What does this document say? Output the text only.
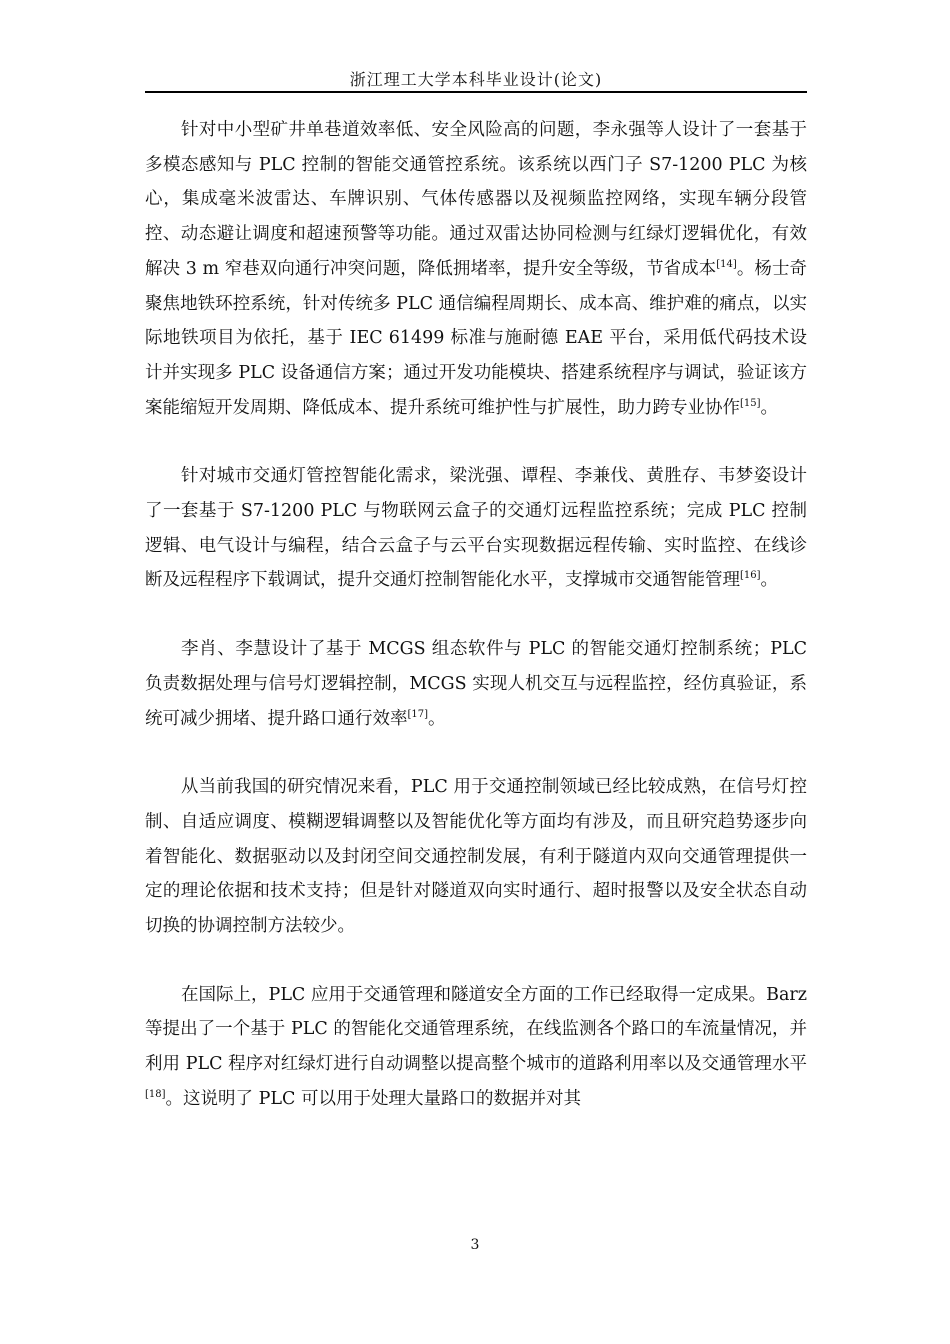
浙江理工大学本科毕业设计(论文)

针对中小型矿井单巷道效率低、安全风险高的问题，李永强等人设计了一套基于多模态感知与 PLC 控制的智能交通管控系统。该系统以西门子 S7-1200 PLC 为核心，集成毫米波雷达、车牌识别、气体传感器以及视频监控网络，实现车辆分段管控、动态避让调度和超速预警等功能。通过双雷达协同检测与红绿灯逻辑优化，有效解决 3 m 窄巷双向通行冲突问题，降低拥堵率，提升安全等级，节省成本[14]。杨士奇聚焦地铁环控系统，针对传统多 PLC 通信编程周期长、成本高、维护难的痛点，以实际地铁项目为依托，基于 IEC 61499 标准与施耐德 EAE 平台，采用低代码技术设计并实现多 PLC 设备通信方案；通过开发功能模块、搭建系统程序与调试，验证该方案能缩短开发周期、降低成本、提升系统可维护性与扩展性，助力跨专业协作[15]。

针对城市交通灯管控智能化需求，梁洸强、谭程、李兼伐、黄胜存、韦梦姿设计了一套基于 S7-1200 PLC 与物联网云盒子的交通灯远程监控系统；完成 PLC 控制逻辑、电气设计与编程，结合云盒子与云平台实现数据远程传输、实时监控、在线诊断及远程程序下载调试，提升交通灯控制智能化水平，支撑城市交通智能管理[16]。

李肖、李慧设计了基于 MCGS 组态软件与 PLC 的智能交通灯控制系统；PLC 负责数据处理与信号灯逻辑控制，MCGS 实现人机交互与远程监控，经仿真验证，系统可减少拥堵、提升路口通行效率[17]。

从当前我国的研究情况来看，PLC 用于交通控制领域已经比较成熟，在信号灯控制、自适应调度、模糊逻辑调整以及智能优化等方面均有涉及，而且研究趋势逐步向着智能化、数据驱动以及封闭空间交通控制发展，有利于隧道内双向交通管理提供一定的理论依据和技术支持；但是针对隧道双向实时通行、超时报警以及安全状态自动切换的协调控制方法较少。

在国际上，PLC 应用于交通管理和隧道安全方面的工作已经取得一定成果。Barz 等提出了一个基于 PLC 的智能化交通管理系统，在线监测各个路口的车流量情况，并利用 PLC 程序对红绿灯进行自动调整以提高整个城市的道路利用率以及交通管理水平[18]。这说明了 PLC 可以用于处理大量路口的数据并对其

3
